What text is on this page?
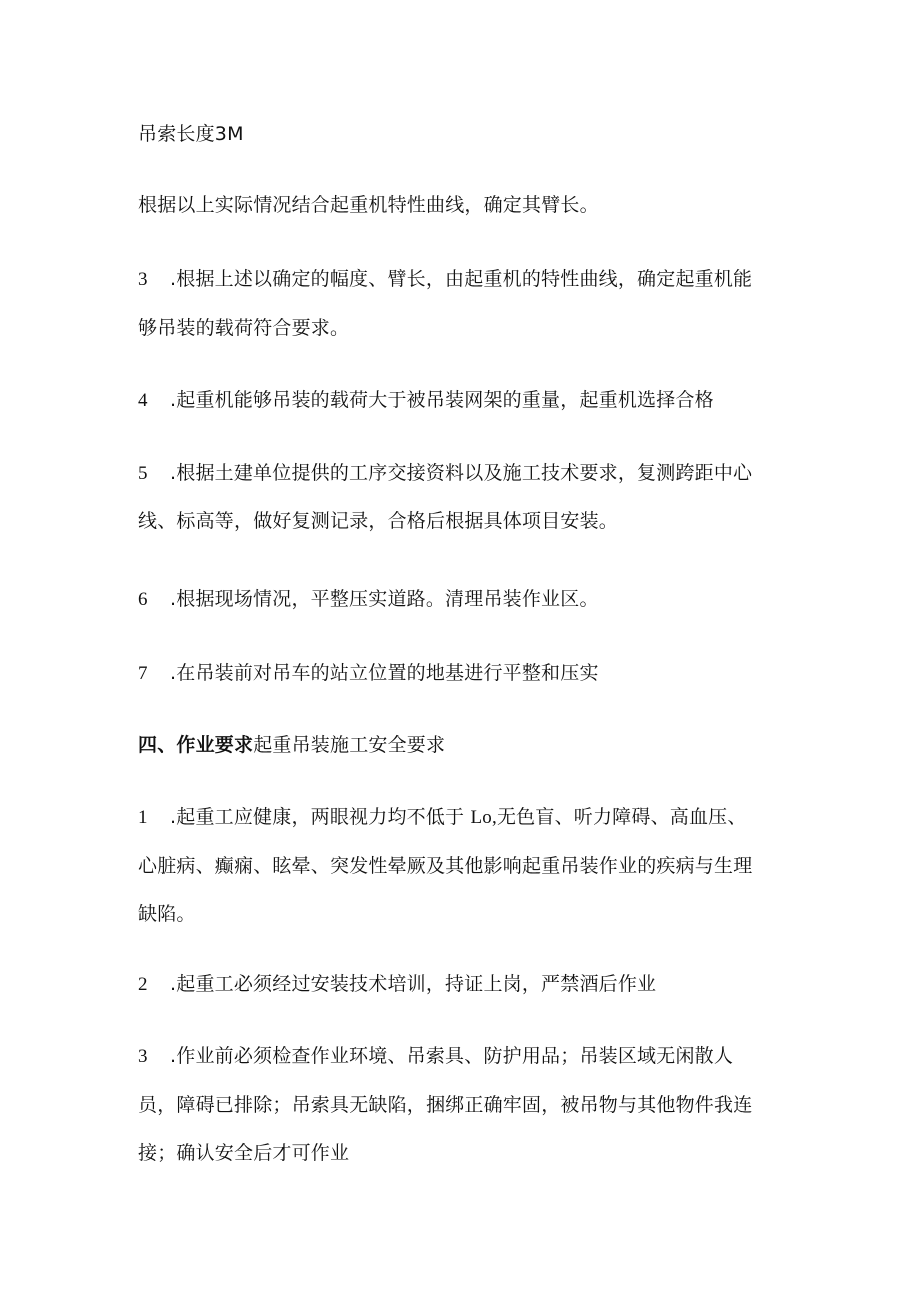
吊索长度3M

根据以上实际情况结合起重机特性曲线，确定其臂长。

3 .根据上述以确定的幅度、臂长，由起重机的特性曲线，确定起重机能

够吊装的载荷符合要求。

4 .起重机能够吊装的载荷大于被吊装网架的重量，起重机选择合格

5 .根据土建单位提供的工序交接资料以及施工技术要求，复测跨距中心

线、标高等，做好复测记录，合格后根据具体项目安装。

6 .根据现场情况，平整压实道路。清理吊装作业区。

7 .在吊装前对吊车的站立位置的地基进行平整和压实

四、作业要求起重吊装施工安全要求

1 .起重工应健康，两眼视力均不低于 Lo,无色盲、听力障碍、高血压、

心脏病、癫痫、眩晕、突发性晕厥及其他影响起重吊装作业的疾病与生理

缺陷。

2 .起重工必须经过安装技术培训，持证上岗，严禁酒后作业

3 .作业前必须检查作业环境、吊索具、防护用品；吊装区域无闲散人

员，障碍已排除；吊索具无缺陷，捆绑正确牢固，被吊物与其他物件我连

接；确认安全后才可作业
